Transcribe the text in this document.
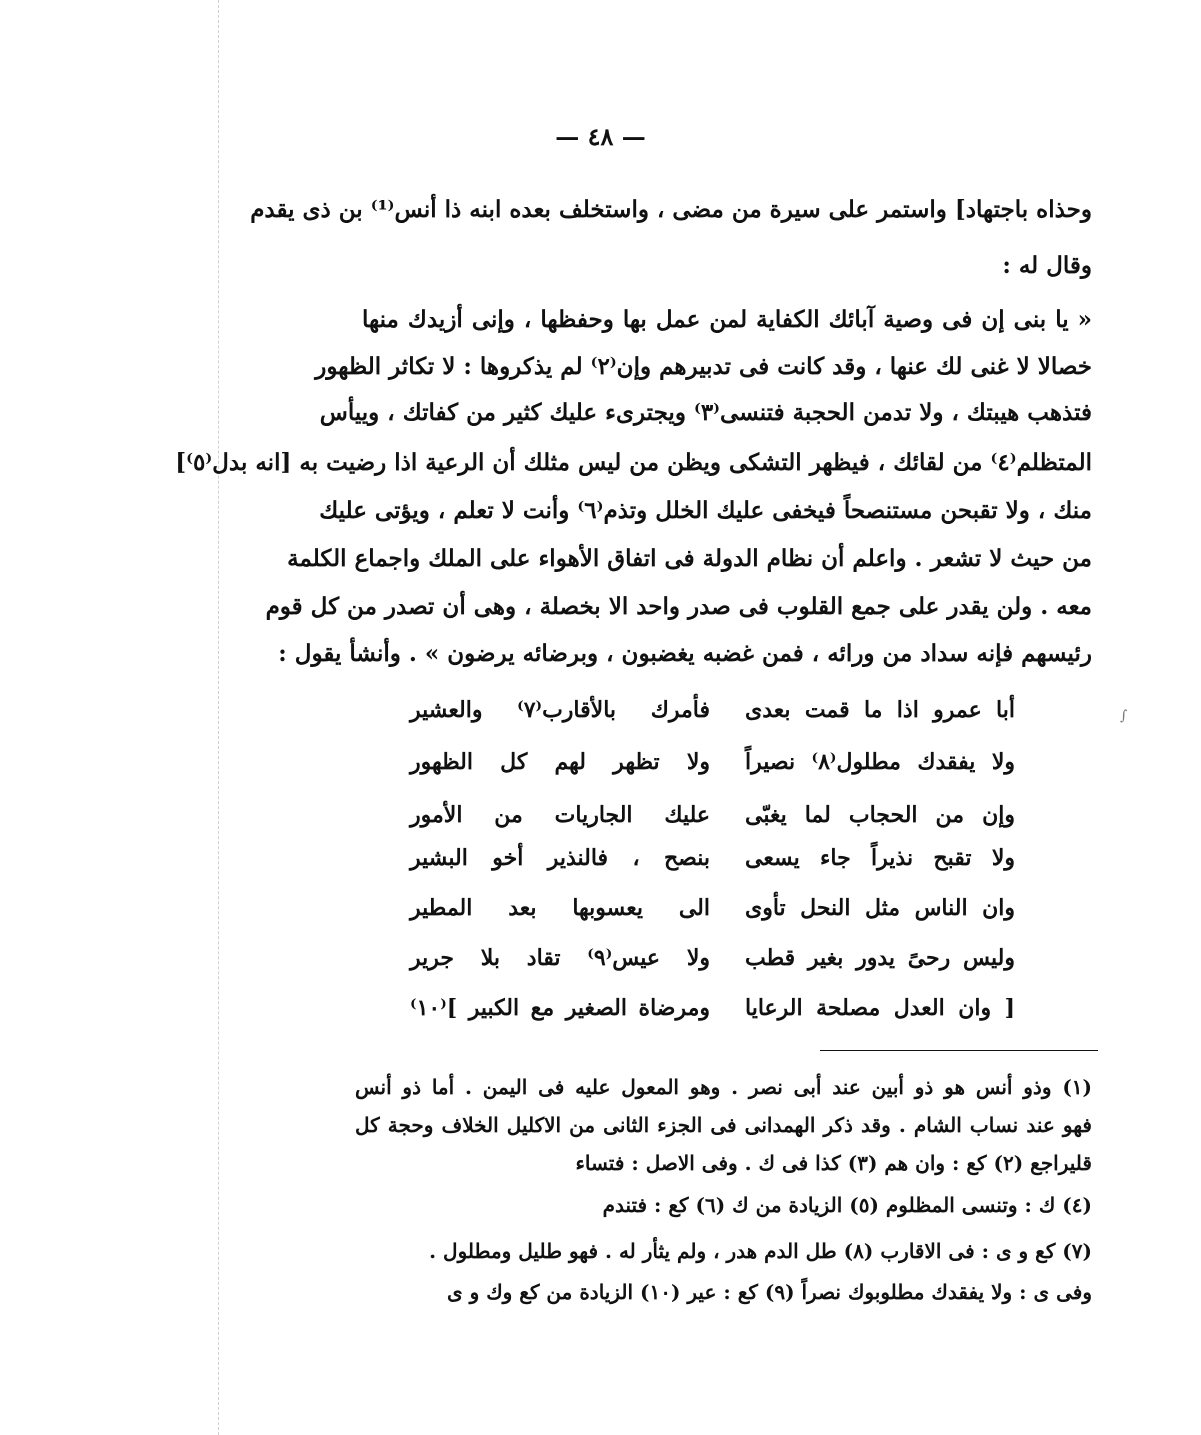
— ٤٨ —
وحذاه باجتهاد] واستمر على سيرة من مضى ، واستخلف بعده ابنه ذا أنس⁽¹⁾ بن ذى يقدم
وقال له :
« يا بنى إن فى وصية آبائك الكفاية لمن عمل بها وحفظها ، وإنى أزيدك منها
خصالا لا غنى لك عنها ، وقد كانت فى تدبيرهم وإن⁽٢⁾ لم يذكروها : لا تكاثر الظهور
فتذهب هيبتك ، ولا تدمن الحجبة فتنسى⁽٣⁾ ويجترىء عليك كثير من كفاتك ، وييأس
المتظلم⁽٤⁾ من لقائك ، فيظهر التشكى ويظن من ليس مثلك أن الرعية اذا رضيت به [انه بدل⁽٥⁾]
منك ، ولا تقبحن مستنصحاً فيخفى عليك الخلل وتذم⁽٦⁾ وأنت لا تعلم ، ويؤتى عليك
من حيث لا تشعر . واعلم أن نظام الدولة فى اتفاق الأهواء على الملك واجماع الكلمة
معه . ولن يقدر على جمع القلوب فى صدر واحد الا بخصلة ، وهى أن تصدر من كل قوم
رئيسهم فإنه سداد من ورائه ، فمن غضبه يغضبون ، وبرضائه يرضون » . وأنشأ يقول :
أبا عمرو اذا ما قمت بعدى
فأمرك بالأقارب⁽٧⁾ والعشير
ولا يفقدك مطلول⁽٨⁾ نصيراً
ولا تظهر لهم كل الظهور
وإن من الحجاب لما يغبّى
عليك الجاريات من الأمور
ولا تقبح نذيراً جاء يسعى
بنصح ، فالنذير أخو البشير
وان الناس مثل النحل تأوى
الى يعسوبها بعد المطير
وليس رحىً يدور بغير قطب
ولا عيس⁽٩⁾ تقاد بلا جرير
[ وان العدل مصلحة الرعايا
ومرضاة الصغير مع الكبير ]⁽١٠⁾
∫
(١) وذو أنس هو ذو أبين عند أبى نصر . وهو المعول عليه فى اليمن . أما ذو أنس
فهو عند نساب الشام . وقد ذكر الهمدانى فى الجزء الثانى من الاكليل الخلاف وحجة كل
قليراجع (٢) كع : وان هم (٣) كذا فى ك . وفى الاصل : فتساء
(٤) ك : وتنسى المظلوم (٥) الزيادة من ك (٦) كع : فتندم
(٧) كع و ى : فى الاقارب (٨) طل الدم هدر ، ولم يثأر له . فهو طليل ومطلول .
وفى ى : ولا يفقدك مطلوبوك نصراً (٩) كع : عير (١٠) الزيادة من كع وك و ى
